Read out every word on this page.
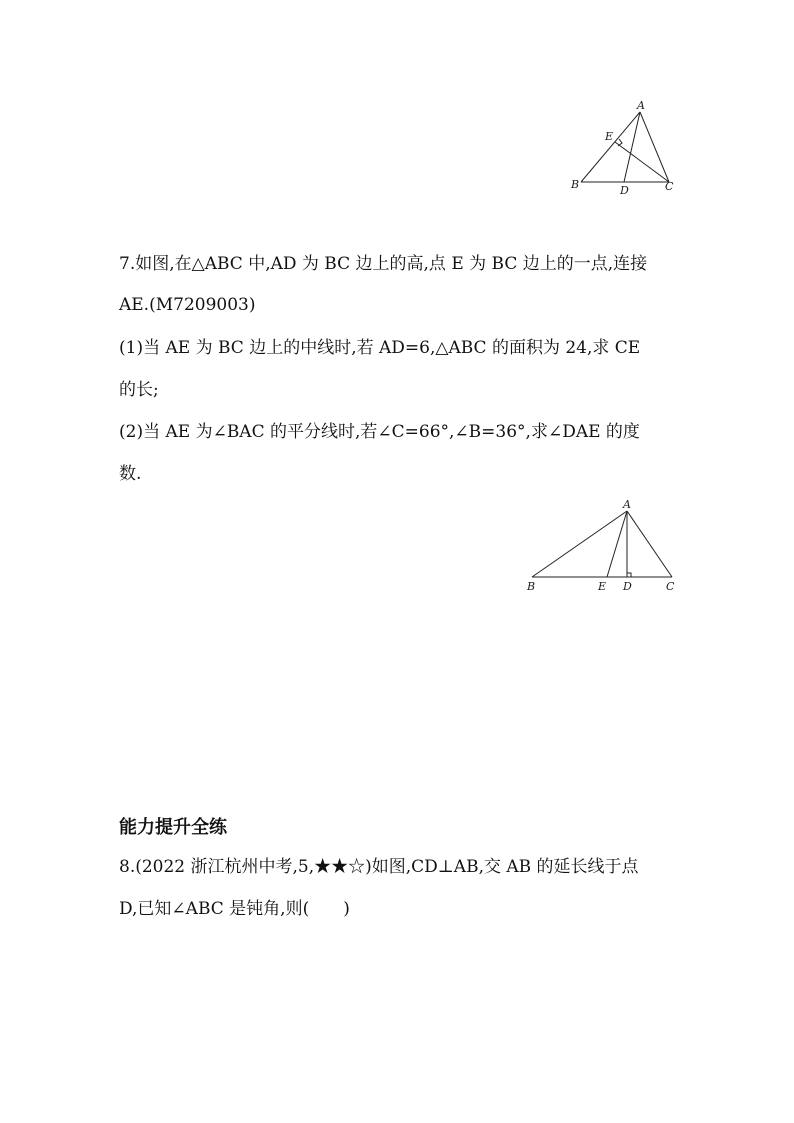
A
B	C
D
E
7.如图,在△ABC 中,AD 为 BC 边上的高,点 E 为 BC 边上的一点,连接
AE.(M7209003)
(1)当 AE 为 BC 边上的中线时,若 AD=6,△ABC 的面积为 24,求 CE
的长;
(2)当 AE 为∠BAC 的平分线时,若∠C=66°,∠B=36°,求∠DAE 的度
数.
A
B	C
D
E
能力提升全练
8.(2022 浙江杭州中考,5,★★☆)如图,CD⊥AB,交 AB 的延长线于点
D,已知∠ABC 是钝角,则(　　)
